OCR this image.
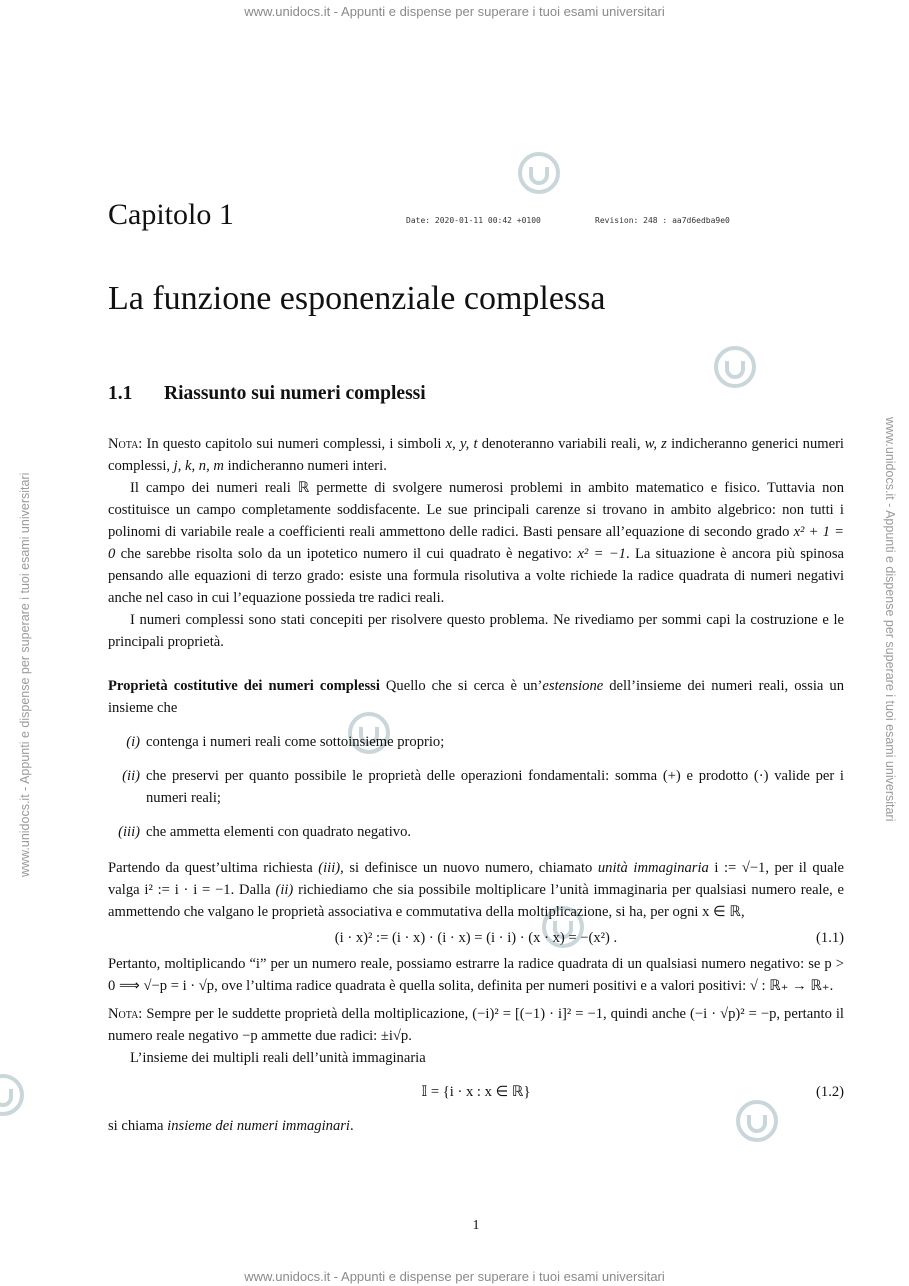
www.unidocs.it - Appunti e dispense per superare i tuoi esami universitari
www.unidocs.it - Appunti e dispense per superare i tuoi esami universitari
www.unidocs.it - Appunti e dispense per superare i tuoi esami universitari	www.unidocs.it - Appunti e dispense per superare i tuoi esami universitari
Capitolo 1	Date: 2020-01-11 00:42 +0100	Revision: 248 : aa7d6edba9e0
La funzione esponenziale complessa
1.1 Riassunto sui numeri complessi

Nota: In questo capitolo sui numeri complessi, i simboli x, y, t denoteranno variabili reali, w, z indicheranno generici numeri complessi, j, k, n, m indicheranno numeri interi.

Il campo dei numeri reali ℝ permette di svolgere numerosi problemi in ambito matematico e fisico. Tuttavia non costituisce un campo completamente soddisfacente. Le sue principali carenze si trovano in ambito algebrico: non tutti i polinomi di variabile reale a coefficienti reali ammettono delle radici. Basti pensare all’equazione di secondo grado x² + 1 = 0 che sarebbe risolta solo da un ipotetico numero il cui quadrato è negativo: x² = −1. La situazione è ancora più spinosa pensando alle equazioni di terzo grado: esiste una formula risolutiva a volte richiede la radice quadrata di numeri negativi anche nel caso in cui l’equazione possieda tre radici reali.

I numeri complessi sono stati concepiti per risolvere questo problema. Ne rivediamo per sommi capi la costruzione e le principali proprietà.

Proprietà costitutive dei numeri complessi Quello che si cerca è un’estensione dell’insieme dei numeri reali, ossia un insieme che

(i) contenga i numeri reali come sottoinsieme proprio;
(ii) che preservi per quanto possibile le proprietà delle operazioni fondamentali: somma (+) e prodotto (·) valide per i numeri reali;
(iii) che ammetta elementi con quadrato negativo.

Partendo da quest’ultima richiesta (iii), si definisce un nuovo numero, chiamato unità immaginaria i := √−1, per il quale valga i² := i · i = −1. Dalla (ii) richiediamo che sia possibile moltiplicare l’unità immaginaria per qualsiasi numero reale, e ammettendo che valgano le proprietà associativa e commutativa della moltiplicazione, si ha, per ogni x ∈ ℝ,

(i · x)² := (i · x) · (i · x) = (i · i) · (x · x) = −(x²) .	(1.1)

Pertanto, moltiplicando “i” per un numero reale, possiamo estrarre la radice quadrata di un qualsiasi numero negativo: se p > 0 ⟹ √−p = i · √p, ove l’ultima radice quadrata è quella solita, definita per numeri positivi e a valori positivi: √ : ℝ₊ → ℝ₊.

Nota: Sempre per le suddette proprietà della moltiplicazione, (−i)² = [(−1) · i]² = −1, quindi anche (−i · √p)² = −p, pertanto il numero reale negativo −p ammette due radici: ±i√p.

L’insieme dei multipli reali dell’unità immaginaria

𝕀 = {i · x : x ∈ ℝ}	(1.2)

si chiama insieme dei numeri immaginari.

1
